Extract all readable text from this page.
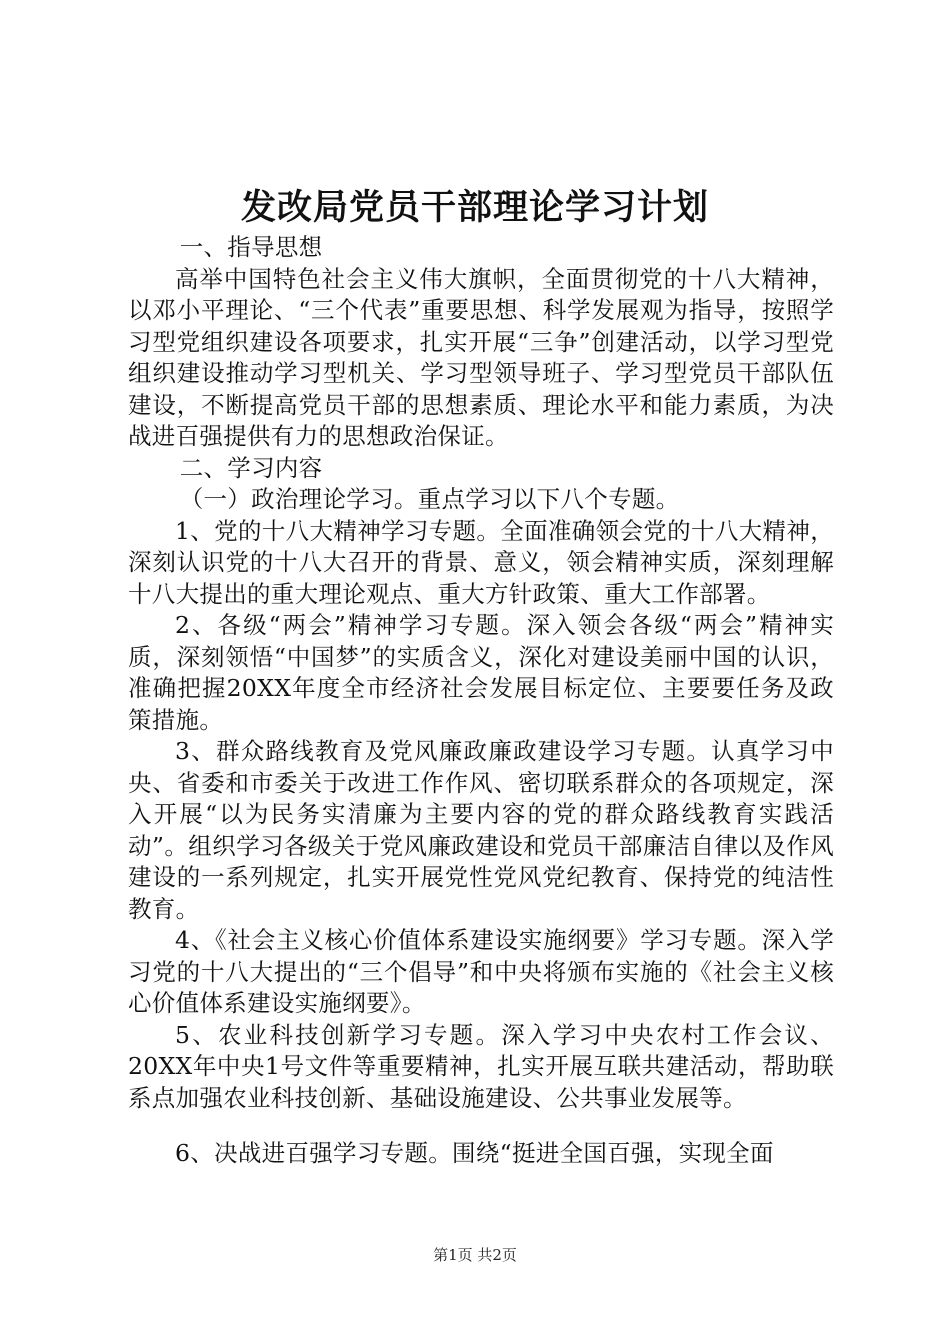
发改局党员干部理论学习计划

一、指导思想

高举中国特色社会主义伟大旗帜，全面贯彻党的十八大精神，以邓小平理论、“三个代表”重要思想、科学发展观为指导，按照学习型党组织建设各项要求，扎实开展“三争”创建活动，以学习型党组织建设推动学习型机关、学习型领导班子、学习型党员干部队伍建设，不断提高党员干部的思想素质、理论水平和能力素质，为决战进百强提供有力的思想政治保证。

二、学习内容

（一）政治理论学习。重点学习以下八个专题。

1、党的十八大精神学习专题。全面准确领会党的十八大精神，深刻认识党的十八大召开的背景、意义，领会精神实质，深刻理解十八大提出的重大理论观点、重大方针政策、重大工作部署。

2、各级“两会”精神学习专题。深入领会各级“两会”精神实质，深刻领悟“中国梦”的实质含义，深化对建设美丽中国的认识，准确把握20XX年度全市经济社会发展目标定位、主要要任务及政策措施。

3、群众路线教育及党风廉政廉政建设学习专题。认真学习中央、省委和市委关于改进工作作风、密切联系群众的各项规定，深入开展“以为民务实清廉为主要内容的党的群众路线教育实践活动”。组织学习各级关于党风廉政建设和党员干部廉洁自律以及作风建设的一系列规定，扎实开展党性党风党纪教育、保持党的纯洁性教育。

4、《社会主义核心价值体系建设实施纲要》学习专题。深入学习党的十八大提出的“三个倡导”和中央将颁布实施的《社会主义核心价值体系建设实施纲要》。

5、农业科技创新学习专题。深入学习中央农村工作会议、20XX年中央1号文件等重要精神，扎实开展互联共建活动，帮助联系点加强农业科技创新、基础设施建设、公共事业发展等。

6、决战进百强学习专题。围绕“挺进全国百强，实现全面

第1页 共2页
